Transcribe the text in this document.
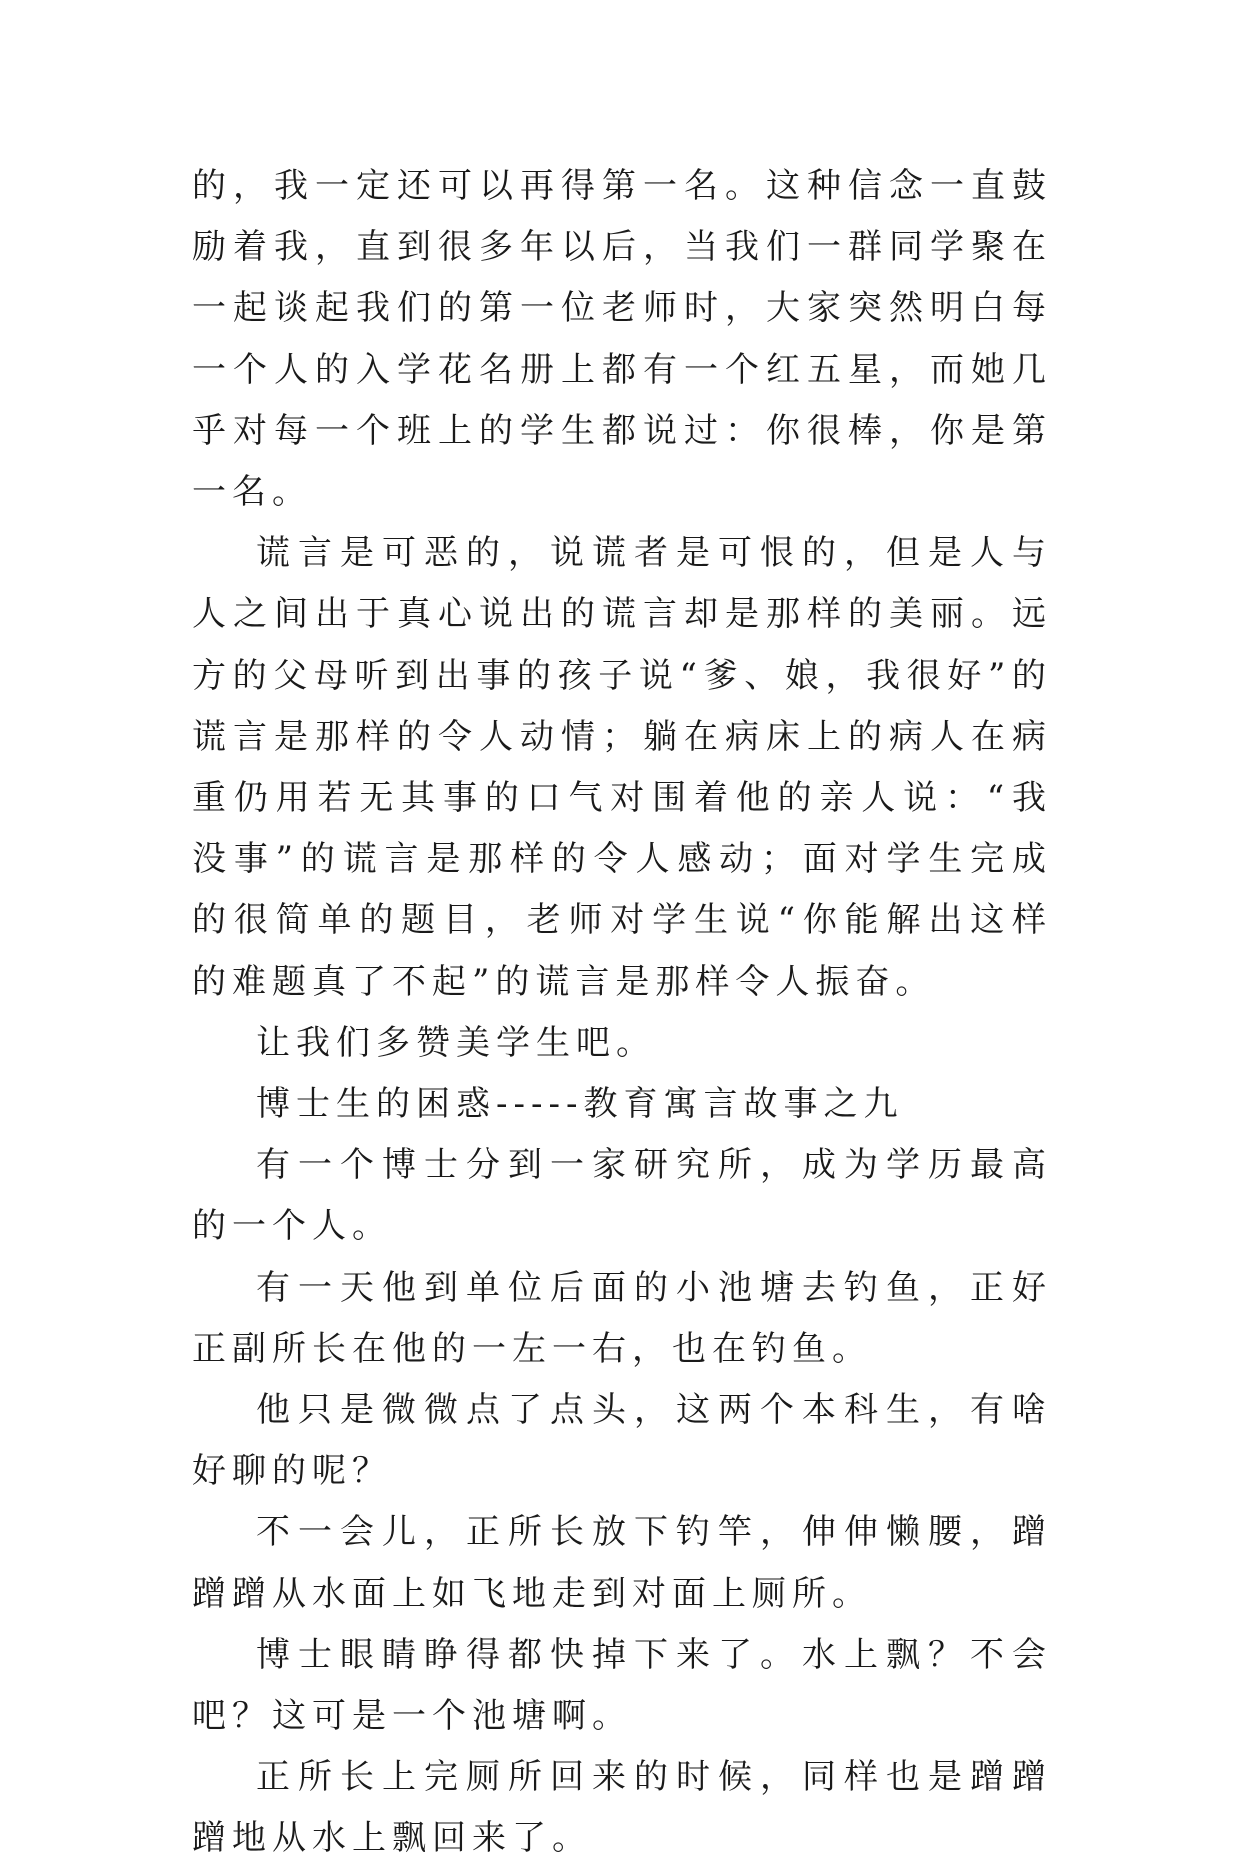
的，我一定还可以再得第一名。这种信念一直鼓励着我，直到很多年以后，当我们一群同学聚在一起谈起我们的第一位老师时，大家突然明白每一个人的入学花名册上都有一个红五星，而她几乎对每一个班上的学生都说过：你很棒，你是第一名。

谎言是可恶的，说谎者是可恨的，但是人与人之间出于真心说出的谎言却是那样的美丽。远方的父母听到出事的孩子说“爹、娘，我很好”的谎言是那样的令人动情；躺在病床上的病人在病重仍用若无其事的口气对围着他的亲人说：“我没事”的谎言是那样的令人感动；面对学生完成的很简单的题目，老师对学生说“你能解出这样的难题真了不起”的谎言是那样令人振奋。

让我们多赞美学生吧。

博士生的困惑-----教育寓言故事之九

有一个博士分到一家研究所，成为学历最高的一个人。

有一天他到单位后面的小池塘去钓鱼，正好正副所长在他的一左一右，也在钓鱼。

他只是微微点了点头，这两个本科生，有啥好聊的呢？

不一会儿，正所长放下钓竿，伸伸懒腰，蹭蹭蹭从水面上如飞地走到对面上厕所。

博士眼睛睁得都快掉下来了。水上飘？不会吧？这可是一个池塘啊。

正所长上完厕所回来的时候，同样也是蹭蹭蹭地从水上飘回来了。
